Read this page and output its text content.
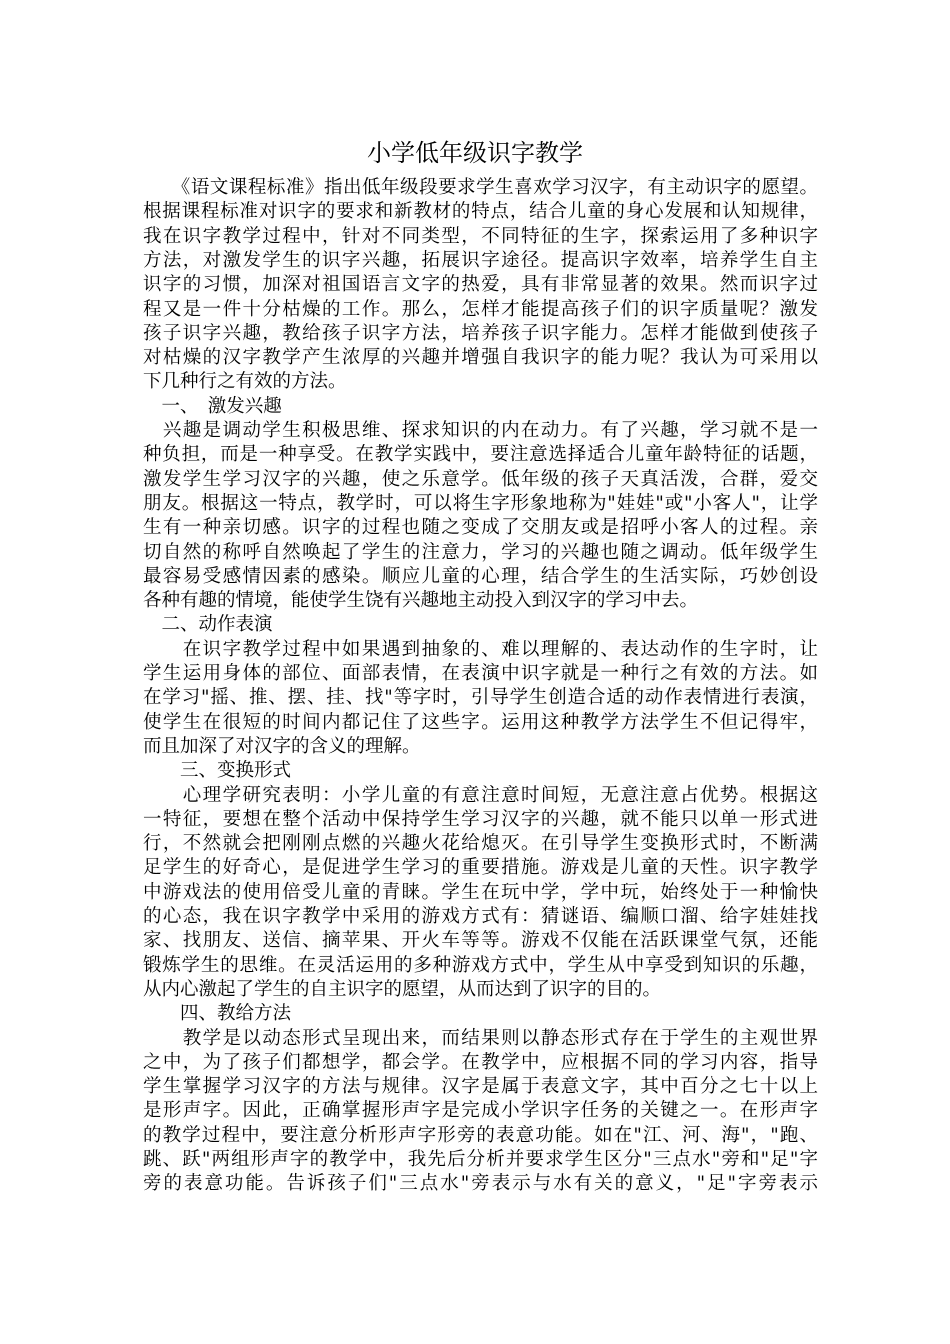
小学低年级识字教学
　　《语文课程标准》指出低年级段要求学生喜欢学习汉字，有主动识字的愿望。
根据课程标准对识字的要求和新教材的特点，结合儿童的身心发展和认知规律，
我在识字教学过程中，针对不同类型，不同特征的生字，探索运用了多种识字
方法，对激发学生的识字兴趣，拓展识字途径。提高识字效率，培养学生自主
识字的习惯，加深对祖国语言文字的热爱，具有非常显著的效果。然而识字过
程又是一件十分枯燥的工作。那么，怎样才能提高孩子们的识字质量呢？激发
孩子识字兴趣，教给孩子识字方法，培养孩子识字能力。怎样才能做到使孩子
对枯燥的汉字教学产生浓厚的兴趣并增强自我识字的能力呢？我认为可采用以
下几种行之有效的方法。
　一、　激发兴趣
　兴趣是调动学生积极思维、探求知识的内在动力。有了兴趣，学习就不是一
种负担，而是一种享受。在教学实践中，要注意选择适合儿童年龄特征的话题，
激发学生学习汉字的兴趣，使之乐意学。低年级的孩子天真活泼，合群，爱交
朋友。根据这一特点，教学时，可以将生字形象地称为"娃娃"或"小客人"，让学
生有一种亲切感。识字的过程也随之变成了交朋友或是招呼小客人的过程。亲
切自然的称呼自然唤起了学生的注意力，学习的兴趣也随之调动。低年级学生
最容易受感情因素的感染。顺应儿童的心理，结合学生的生活实际，巧妙创设
各种有趣的情境，能使学生饶有兴趣地主动投入到汉字的学习中去。
　二、动作表演
　　在识字教学过程中如果遇到抽象的、难以理解的、表达动作的生字时，让
学生运用身体的部位、面部表情，在表演中识字就是一种行之有效的方法。如
在学习"摇、推、摆、挂、找"等字时，引导学生创造合适的动作表情进行表演，
使学生在很短的时间内都记住了这些字。运用这种教学方法学生不但记得牢，
而且加深了对汉字的含义的理解。
　　三、变换形式
　　心理学研究表明：小学儿童的有意注意时间短，无意注意占优势。根据这
一特征，要想在整个活动中保持学生学习汉字的兴趣，就不能只以单一形式进
行，不然就会把刚刚点燃的兴趣火花给熄灭。在引导学生变换形式时，不断满
足学生的好奇心，是促进学生学习的重要措施。游戏是儿童的天性。识字教学
中游戏法的使用倍受儿童的青睐。学生在玩中学，学中玩，始终处于一种愉快
的心态，我在识字教学中采用的游戏方式有：猜谜语、编顺口溜、给字娃娃找
家、找朋友、送信、摘苹果、开火车等等。游戏不仅能在活跃课堂气氛，还能
锻炼学生的思维。在灵活运用的多种游戏方式中，学生从中享受到知识的乐趣，
从内心激起了学生的自主识字的愿望，从而达到了识字的目的。
　　四、教给方法
　　教学是以动态形式呈现出来，而结果则以静态形式存在于学生的主观世界
之中，为了孩子们都想学，都会学。在教学中，应根据不同的学习内容，指导
学生掌握学习汉字的方法与规律。汉字是属于表意文字，其中百分之七十以上
是形声字。因此，正确掌握形声字是完成小学识字任务的关键之一。在形声字
的教学过程中，要注意分析形声字形旁的表意功能。如在"江、河、海"，"跑、
跳、跃"两组形声字的教学中，我先后分析并要求学生区分"三点水"旁和"足"字
旁的表意功能。告诉孩子们"三点水"旁表示与水有关的意义，"足"字旁表示
